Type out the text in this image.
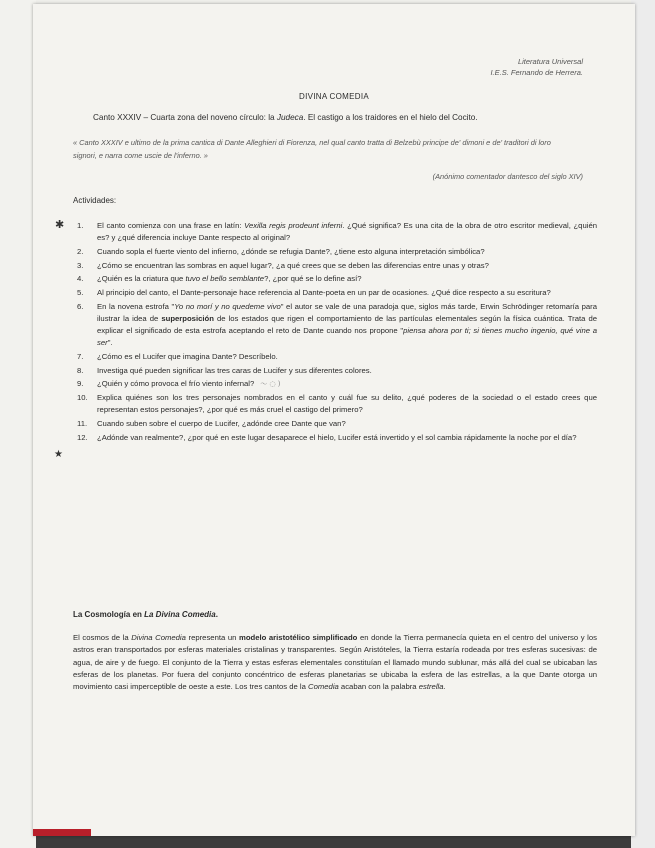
Literatura Universal
I.E.S. Fernando de Herrera.
DIVINA COMEDIA
Canto XXXIV – Cuarta zona del noveno círculo: la Judeca. El castigo a los traidores en el hielo del Cocito.
« Canto XXXIV e ultimo de la prima cantica di Dante Alleghieri di Fiorenza, nel qual canto tratta di Belzebù principe de' dimoni e de' traditori di loro signori, e narra come uscie de l'inferno. »
(Anónimo comentador dantesco del siglo XIV)
Actividades:
✱
★
1. El canto comienza con una frase en latín: Vexilla regis prodeunt inferni. ¿Qué significa? Es una cita de la obra de otro escritor medieval, ¿quién es? y ¿qué diferencia incluye Dante respecto al original?
2. Cuando sopla el fuerte viento del infierno, ¿dónde se refugia Dante?, ¿tiene esto alguna interpretación simbólica?
3. ¿Cómo se encuentran las sombras en aquel lugar?, ¿a qué crees que se deben las diferencias entre unas y otras?
4. ¿Quién es la criatura que tuvo el bello semblante?, ¿por qué se lo define así?
5. Al principio del canto, el Dante-personaje hace referencia al Dante-poeta en un par de ocasiones. ¿Qué dice respecto a su escritura?
6. En la novena estrofa "Yo no morí y no quedeme vivo" el autor se vale de una paradoja que, siglos más tarde, Erwin Schrödinger retomaría para ilustrar la idea de superposición de los estados que rigen el comportamiento de las partículas elementales según la física cuántica. Trata de explicar el significado de esta estrofa aceptando el reto de Dante cuando nos propone "piensa ahora por ti; si tienes mucho ingenio, qué vine a ser".
7. ¿Cómo es el Lucifer que imagina Dante? Descríbelo.
8. Investiga qué pueden significar las tres caras de Lucifer y sus diferentes colores.
9. ¿Quién y cómo provoca el frío viento infernal? 〜 ◌ )
10. Explica quiénes son los tres personajes nombrados en el canto y cuál fue su delito, ¿qué poderes de la sociedad o el estado crees que representan estos personajes?, ¿por qué es más cruel el castigo del primero?
11. Cuando suben sobre el cuerpo de Lucifer, ¿adónde cree Dante que van?
12. ¿Adónde van realmente?, ¿por qué en este lugar desaparece el hielo, Lucifer está invertido y el sol cambia rápidamente la noche por el día?
La Cosmología en La Divina Comedia.
El cosmos de la Divina Comedia representa un modelo aristotélico simplificado en donde la Tierra permanecía quieta en el centro del universo y los astros eran transportados por esferas materiales cristalinas y transparentes. Según Aristóteles, la Tierra estaría rodeada por tres esferas sucesivas: de agua, de aire y de fuego. El conjunto de la Tierra y estas esferas elementales constituían el llamado mundo sublunar, más allá del cual se ubicaban las esferas de los planetas. Por fuera del conjunto concéntrico de esferas planetarias se ubicaba la esfera de las estrellas, a la que Dante otorga un movimiento casi imperceptible de oeste a este. Los tres cantos de la Comedia acaban con la palabra estrella.
